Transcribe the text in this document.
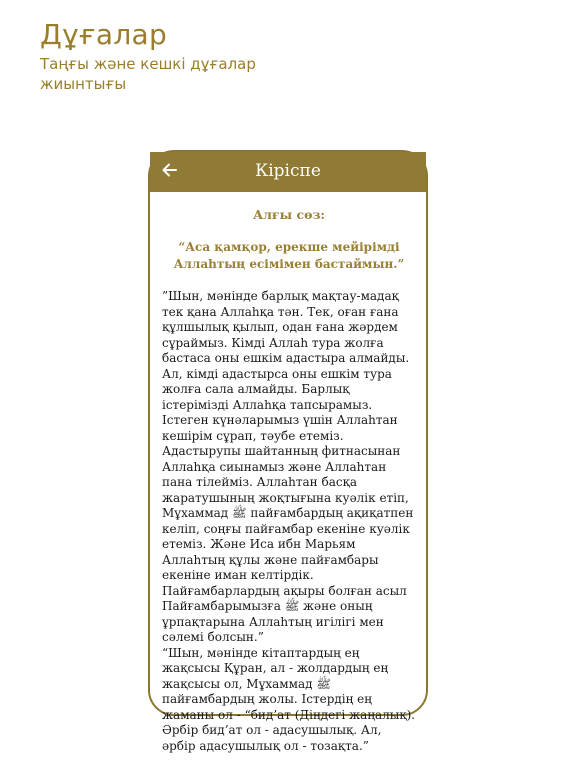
Дұғалар

Таңғы және кешкі дұғалар жиынтығы

Кіріспе
Алғы сөз:
“Аса қамқор, ерекше мейірімді Аллаһтың есімімен бастаймын.”
”Шын, мәнінде барлық мақтау-мадақ тек қана Аллаһқа тән. Тек, оған ғана құлшылық қылып, одан ғана жәрдем сұраймыз. Кімді Аллаһ тура жолға бастаса оны ешкім адастыра алмайды. Ал, кімді адастырса оны ешкім тура жолға сала алмайды. Барлық істерімізді Аллаһқа тапсырамыз. Істеген күнәларымыз үшін Аллаһтан кешірім сұрап, тәубе етеміз. Адастырупы шайтанның фитнасынан Аллаһқа сиынамыз және Аллаһтан пана тілейміз. Аллаһтан басқа жаратушының жоқтығына куәлік етіп, Мұхаммад ﷺ пайғамбардың ақиқатпен келіп, соңғы пайғамбар екеніне куәлік етеміз. Және Иса ибн Марьям Аллаһтың құлы және пайғамбары екеніне иман келтірдік. Пайғамбарлардың ақыры болған асыл Пайғамбарымызға ﷺ және оның ұрпақтарына Аллаһтың игілігі мен сәлемі болсын.”
“Шын, мәнінде кітаптардың ең жақсысы Құран, ал - жолдардың ең жақсысы ол, Мұхаммад ﷺ пайғамбардың жолы. Істердің ең жаманы ол - “бид’ат (Діңдегі жаңалық). Әрбір бид’ат ол - адасушылық. Ал, әрбір адасушылық ол - тозақта.”
